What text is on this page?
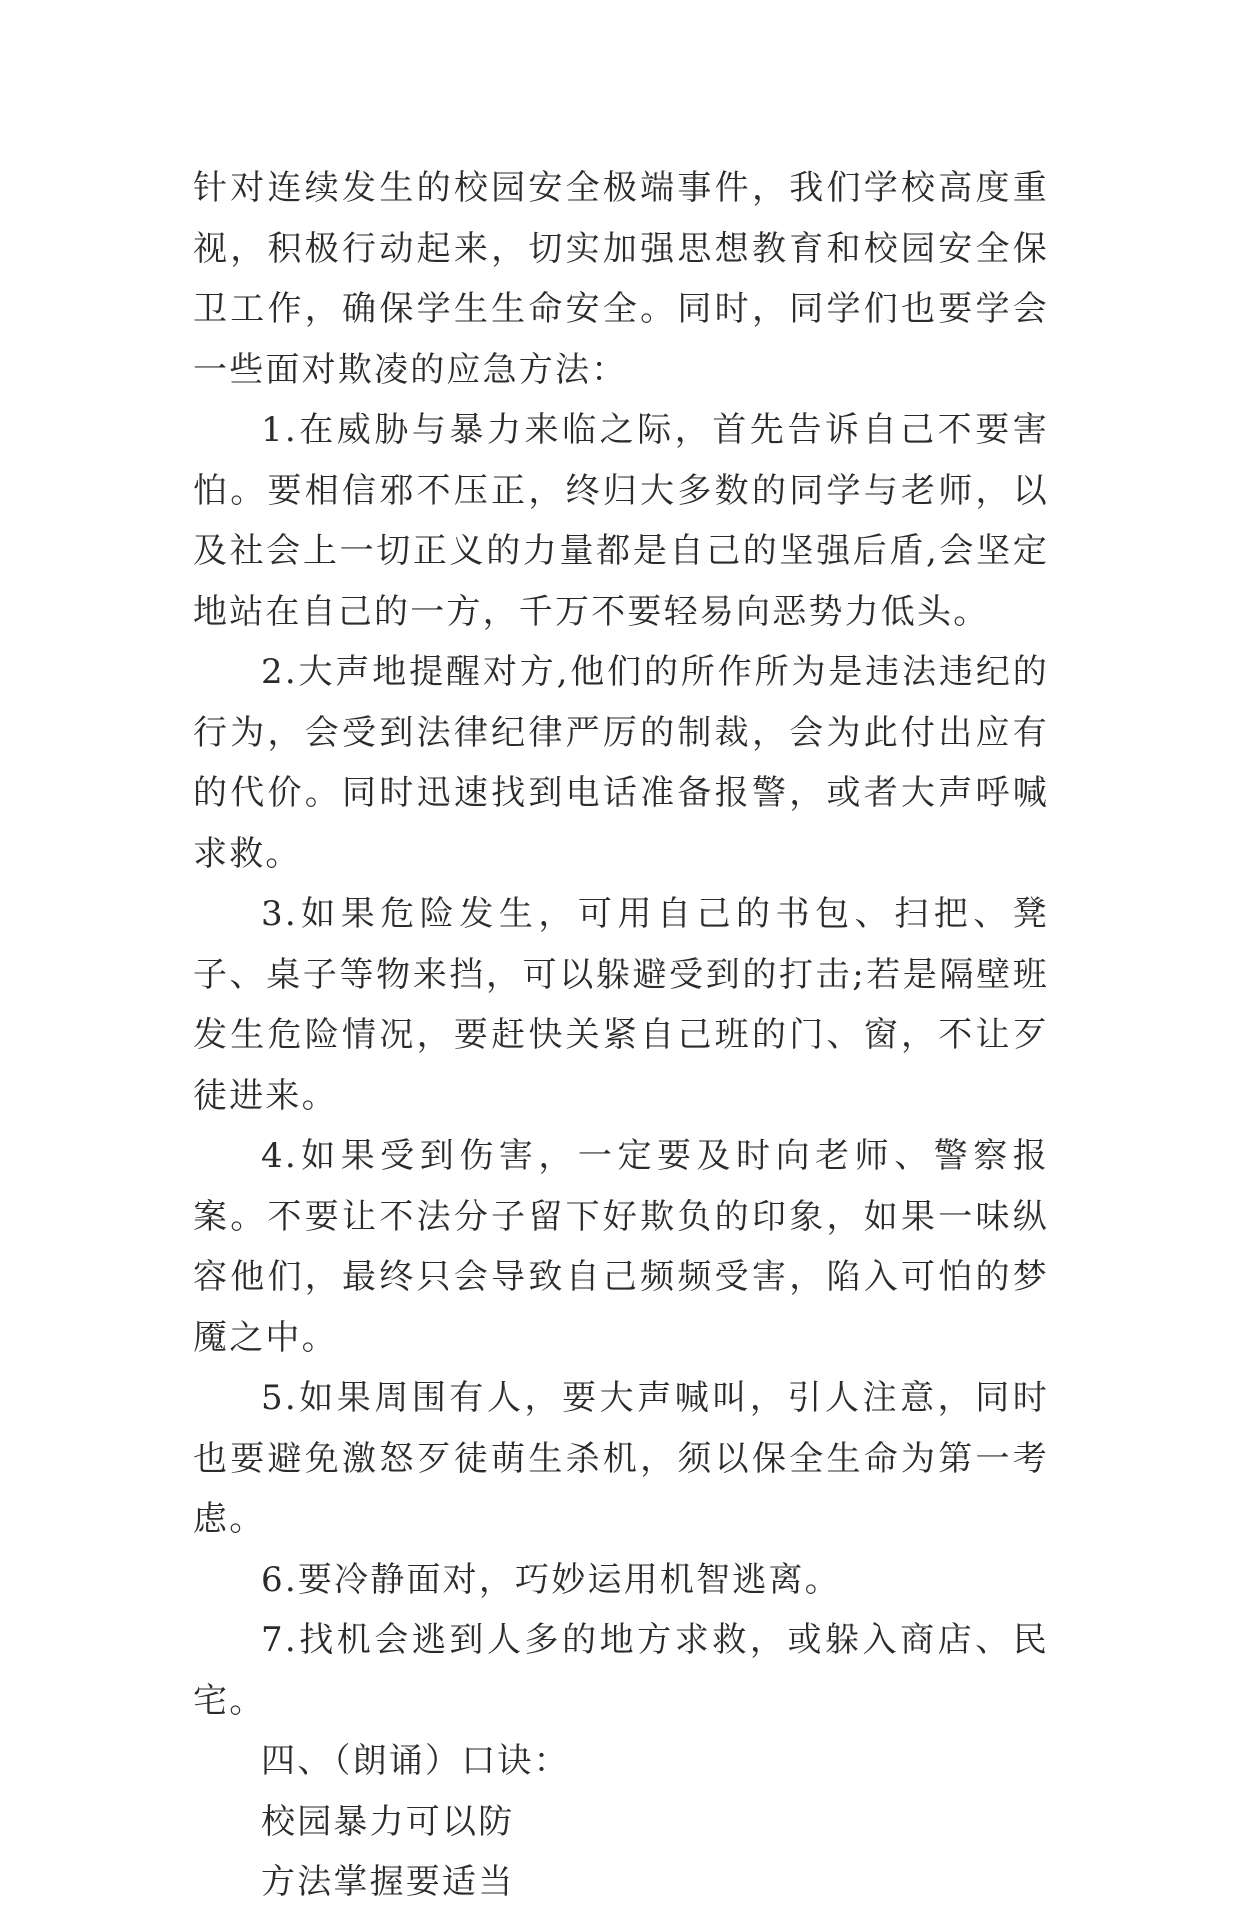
针对连续发生的校园安全极端事件，我们学校高度重视，积极行动起来，切实加强思想教育和校园安全保卫工作，确保学生生命安全。同时，同学们也要学会一些面对欺凌的应急方法：

1.在威胁与暴力来临之际，首先告诉自己不要害怕。要相信邪不压正，终归大多数的同学与老师，以及社会上一切正义的力量都是自己的坚强后盾,会坚定地站在自己的一方，千万不要轻易向恶势力低头。

2.大声地提醒对方,他们的所作所为是违法违纪的行为，会受到法律纪律严厉的制裁，会为此付出应有的代价。同时迅速找到电话准备报警，或者大声呼喊求救。

3.如果危险发生，可用自己的书包、扫把、凳子、桌子等物来挡，可以躲避受到的打击;若是隔壁班发生危险情况，要赶快关紧自己班的门、窗，不让歹徒进来。

4.如果受到伤害，一定要及时向老师、警察报案。不要让不法分子留下好欺负的印象，如果一味纵容他们，最终只会导致自己频频受害，陷入可怕的梦魇之中。

5.如果周围有人，要大声喊叫，引人注意，同时也要避免激怒歹徒萌生杀机，须以保全生命为第一考虑。

6.要冷静面对，巧妙运用机智逃离。

7.找机会逃到人多的地方求救，或躲入商店、民宅。

四、（朗诵）口诀：

校园暴力可以防

方法掌握要适当
